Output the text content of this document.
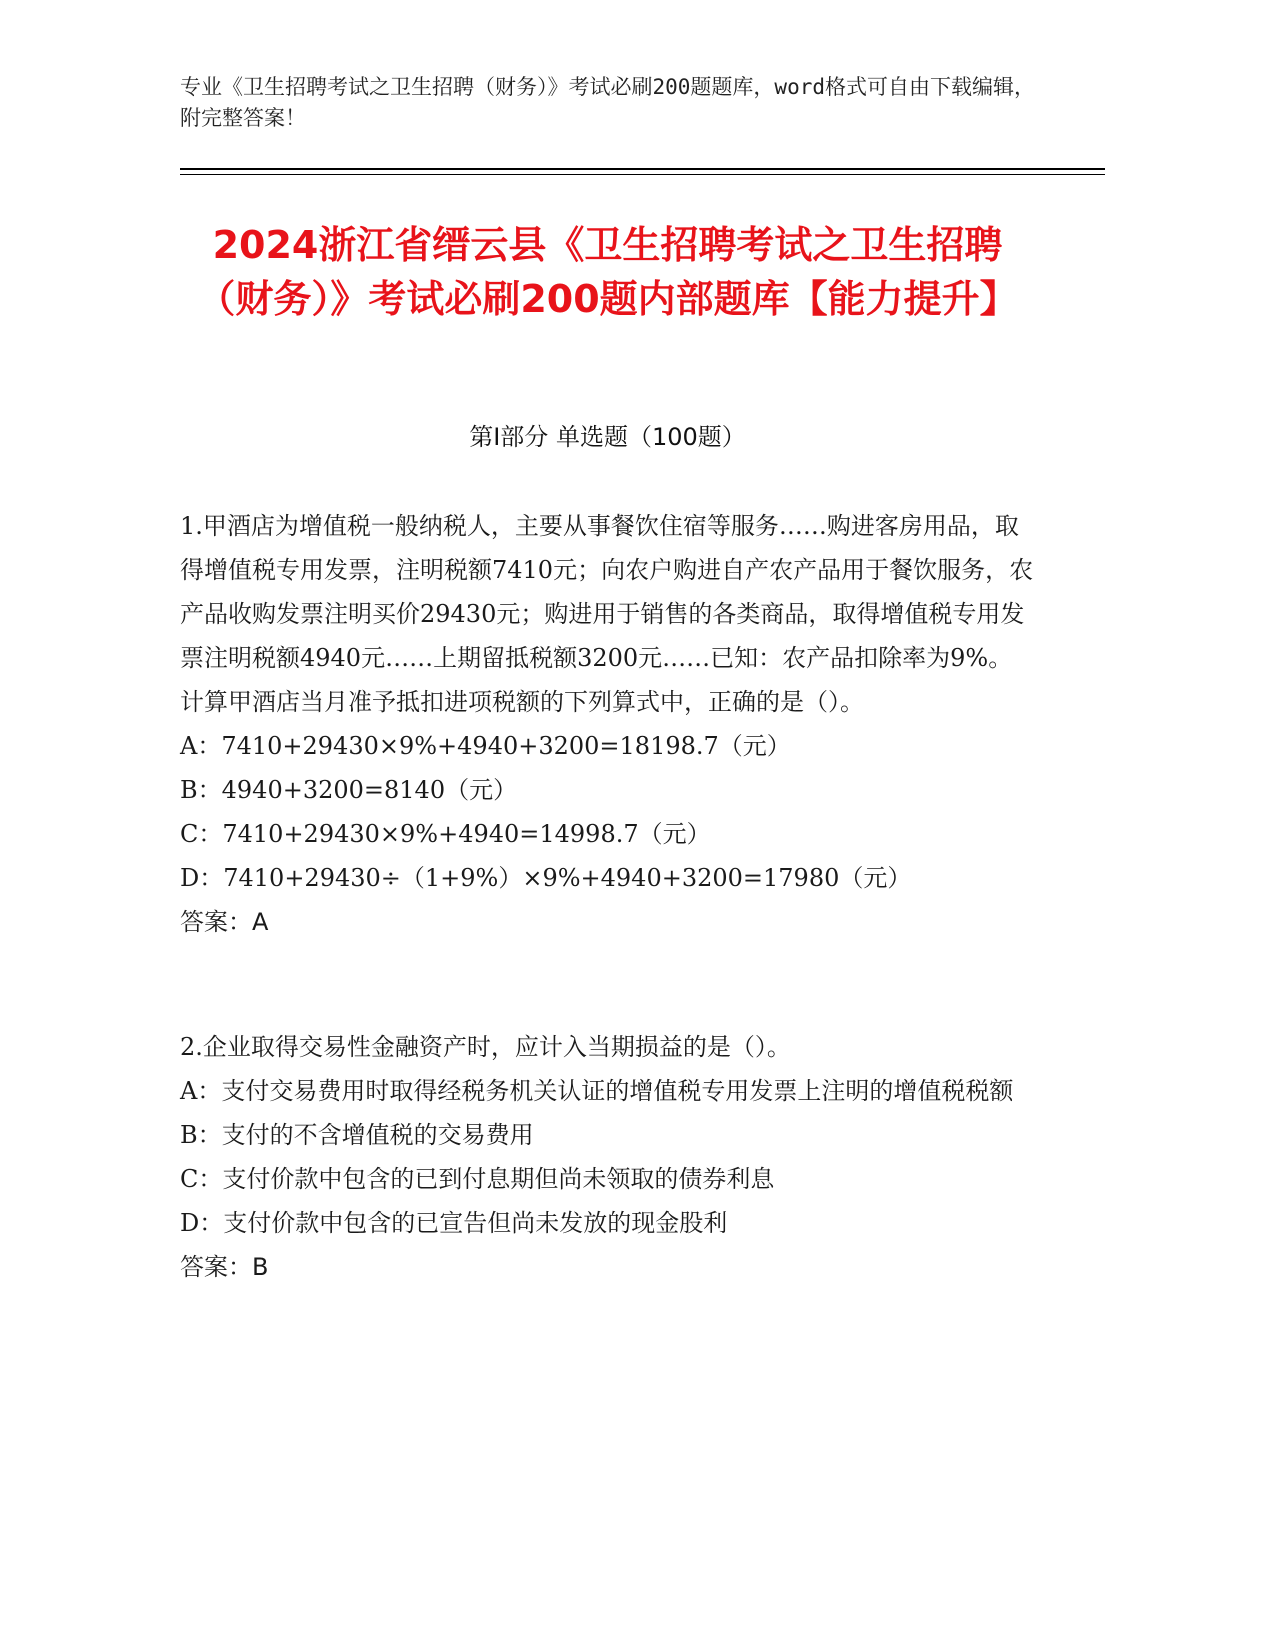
专业《卫生招聘考试之卫生招聘（财务）》考试必刷200题题库，word格式可自由下载编辑，附完整答案！
2024浙江省缙云县《卫生招聘考试之卫生招聘（财务）》考试必刷200题内部题库【能力提升】
第I部分 单选题（100题）

1.甲酒店为增值税一般纳税人，主要从事餐饮住宿等服务……购进客房用品，取得增值税专用发票，注明税额7410元；向农户购进自产农产品用于餐饮服务，农产品收购发票注明买价29430元；购进用于销售的各类商品，取得增值税专用发票注明税额4940元……上期留抵税额3200元……已知：农产品扣除率为9%。计算甲酒店当月准予抵扣进项税额的下列算式中，正确的是（）。

A：7410+29430×9%+4940+3200=18198.7（元）

B：4940+3200=8140（元）

C：7410+29430×9%+4940=14998.7（元）

D：7410+29430÷（1+9%）×9%+4940+3200=17980（元）

答案：A

2.企业取得交易性金融资产时，应计入当期损益的是（）。

A：支付交易费用时取得经税务机关认证的增值税专用发票上注明的增值税税额

B：支付的不含增值税的交易费用

C：支付价款中包含的已到付息期但尚未领取的债券利息

D：支付价款中包含的已宣告但尚未发放的现金股利

答案：B
